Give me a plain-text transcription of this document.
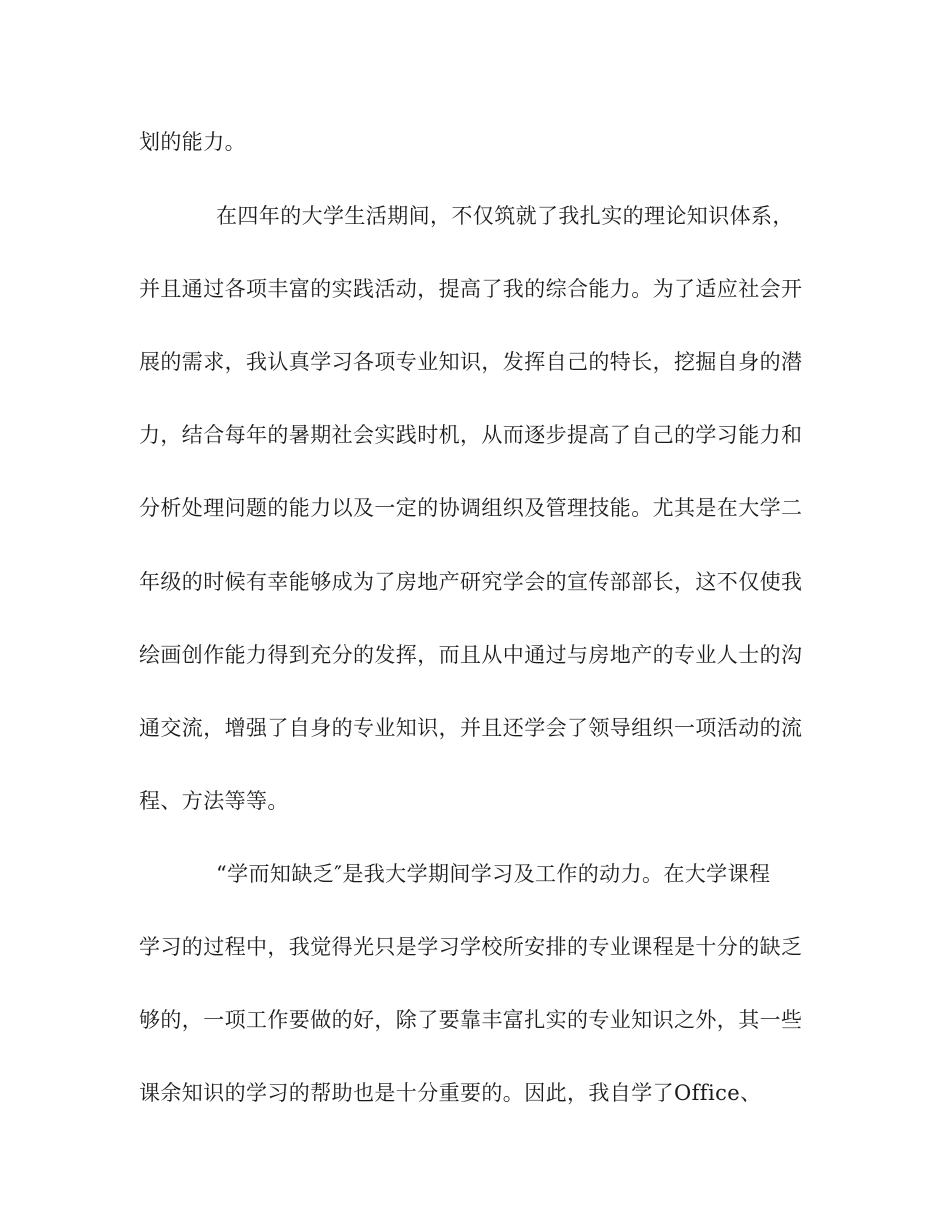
划的能力。
在四年的大学生活期间，不仅筑就了我扎实的理论知识体系，
并且通过各项丰富的实践活动，提高了我的综合能力。为了适应社会开
展的需求，我认真学习各项专业知识，发挥自己的特长，挖掘自身的潜
力，结合每年的暑期社会实践时机，从而逐步提高了自己的学习能力和
分析处理问题的能力以及一定的协调组织及管理技能。尤其是在大学二
年级的时候有幸能够成为了房地产研究学会的宣传部部长，这不仅使我
绘画创作能力得到充分的发挥，而且从中通过与房地产的专业人士的沟
通交流，增强了自身的专业知识，并且还学会了领导组织一项活动的流
程、方法等等。
“学而知缺乏″是我大学期间学习及工作的动力。在大学课程
学习的过程中，我觉得光只是学习学校所安排的专业课程是十分的缺乏
够的，一项工作要做的好，除了要靠丰富扎实的专业知识之外，其一些
课余知识的学习的帮助也是十分重要的。因此，我自学了Office、
